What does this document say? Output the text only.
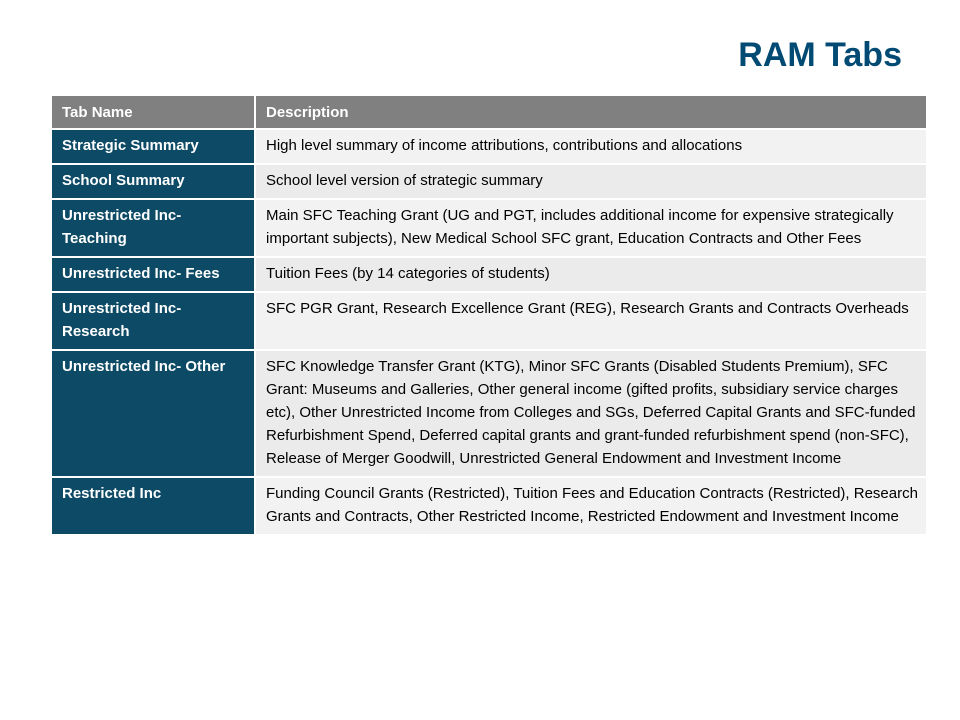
RAM Tabs
Tab Name	Description
Strategic Summary	High level summary of income attributions, contributions and allocations
School Summary	School level version of strategic summary
Unrestricted Inc- Teaching	Main SFC Teaching Grant (UG and PGT, includes additional income for expensive strategically important subjects), New Medical School SFC grant, Education Contracts and Other Fees
Unrestricted Inc- Fees	Tuition Fees (by 14 categories of students)
Unrestricted Inc- Research	SFC PGR Grant, Research Excellence Grant (REG), Research Grants and Contracts Overheads
Unrestricted Inc- Other	SFC Knowledge Transfer Grant (KTG), Minor SFC Grants (Disabled Students Premium), SFC Grant: Museums and Galleries, Other general income (gifted profits, subsidiary service charges etc), Other Unrestricted Income from Colleges and SGs, Deferred Capital Grants and SFC-funded Refurbishment Spend, Deferred capital grants and grant-funded refurbishment spend (non-SFC), Release of Merger Goodwill, Unrestricted General Endowment and Investment Income
Restricted Inc	Funding Council Grants (Restricted), Tuition Fees and Education Contracts (Restricted), Research Grants and Contracts, Other Restricted Income, Restricted Endowment and Investment Income
